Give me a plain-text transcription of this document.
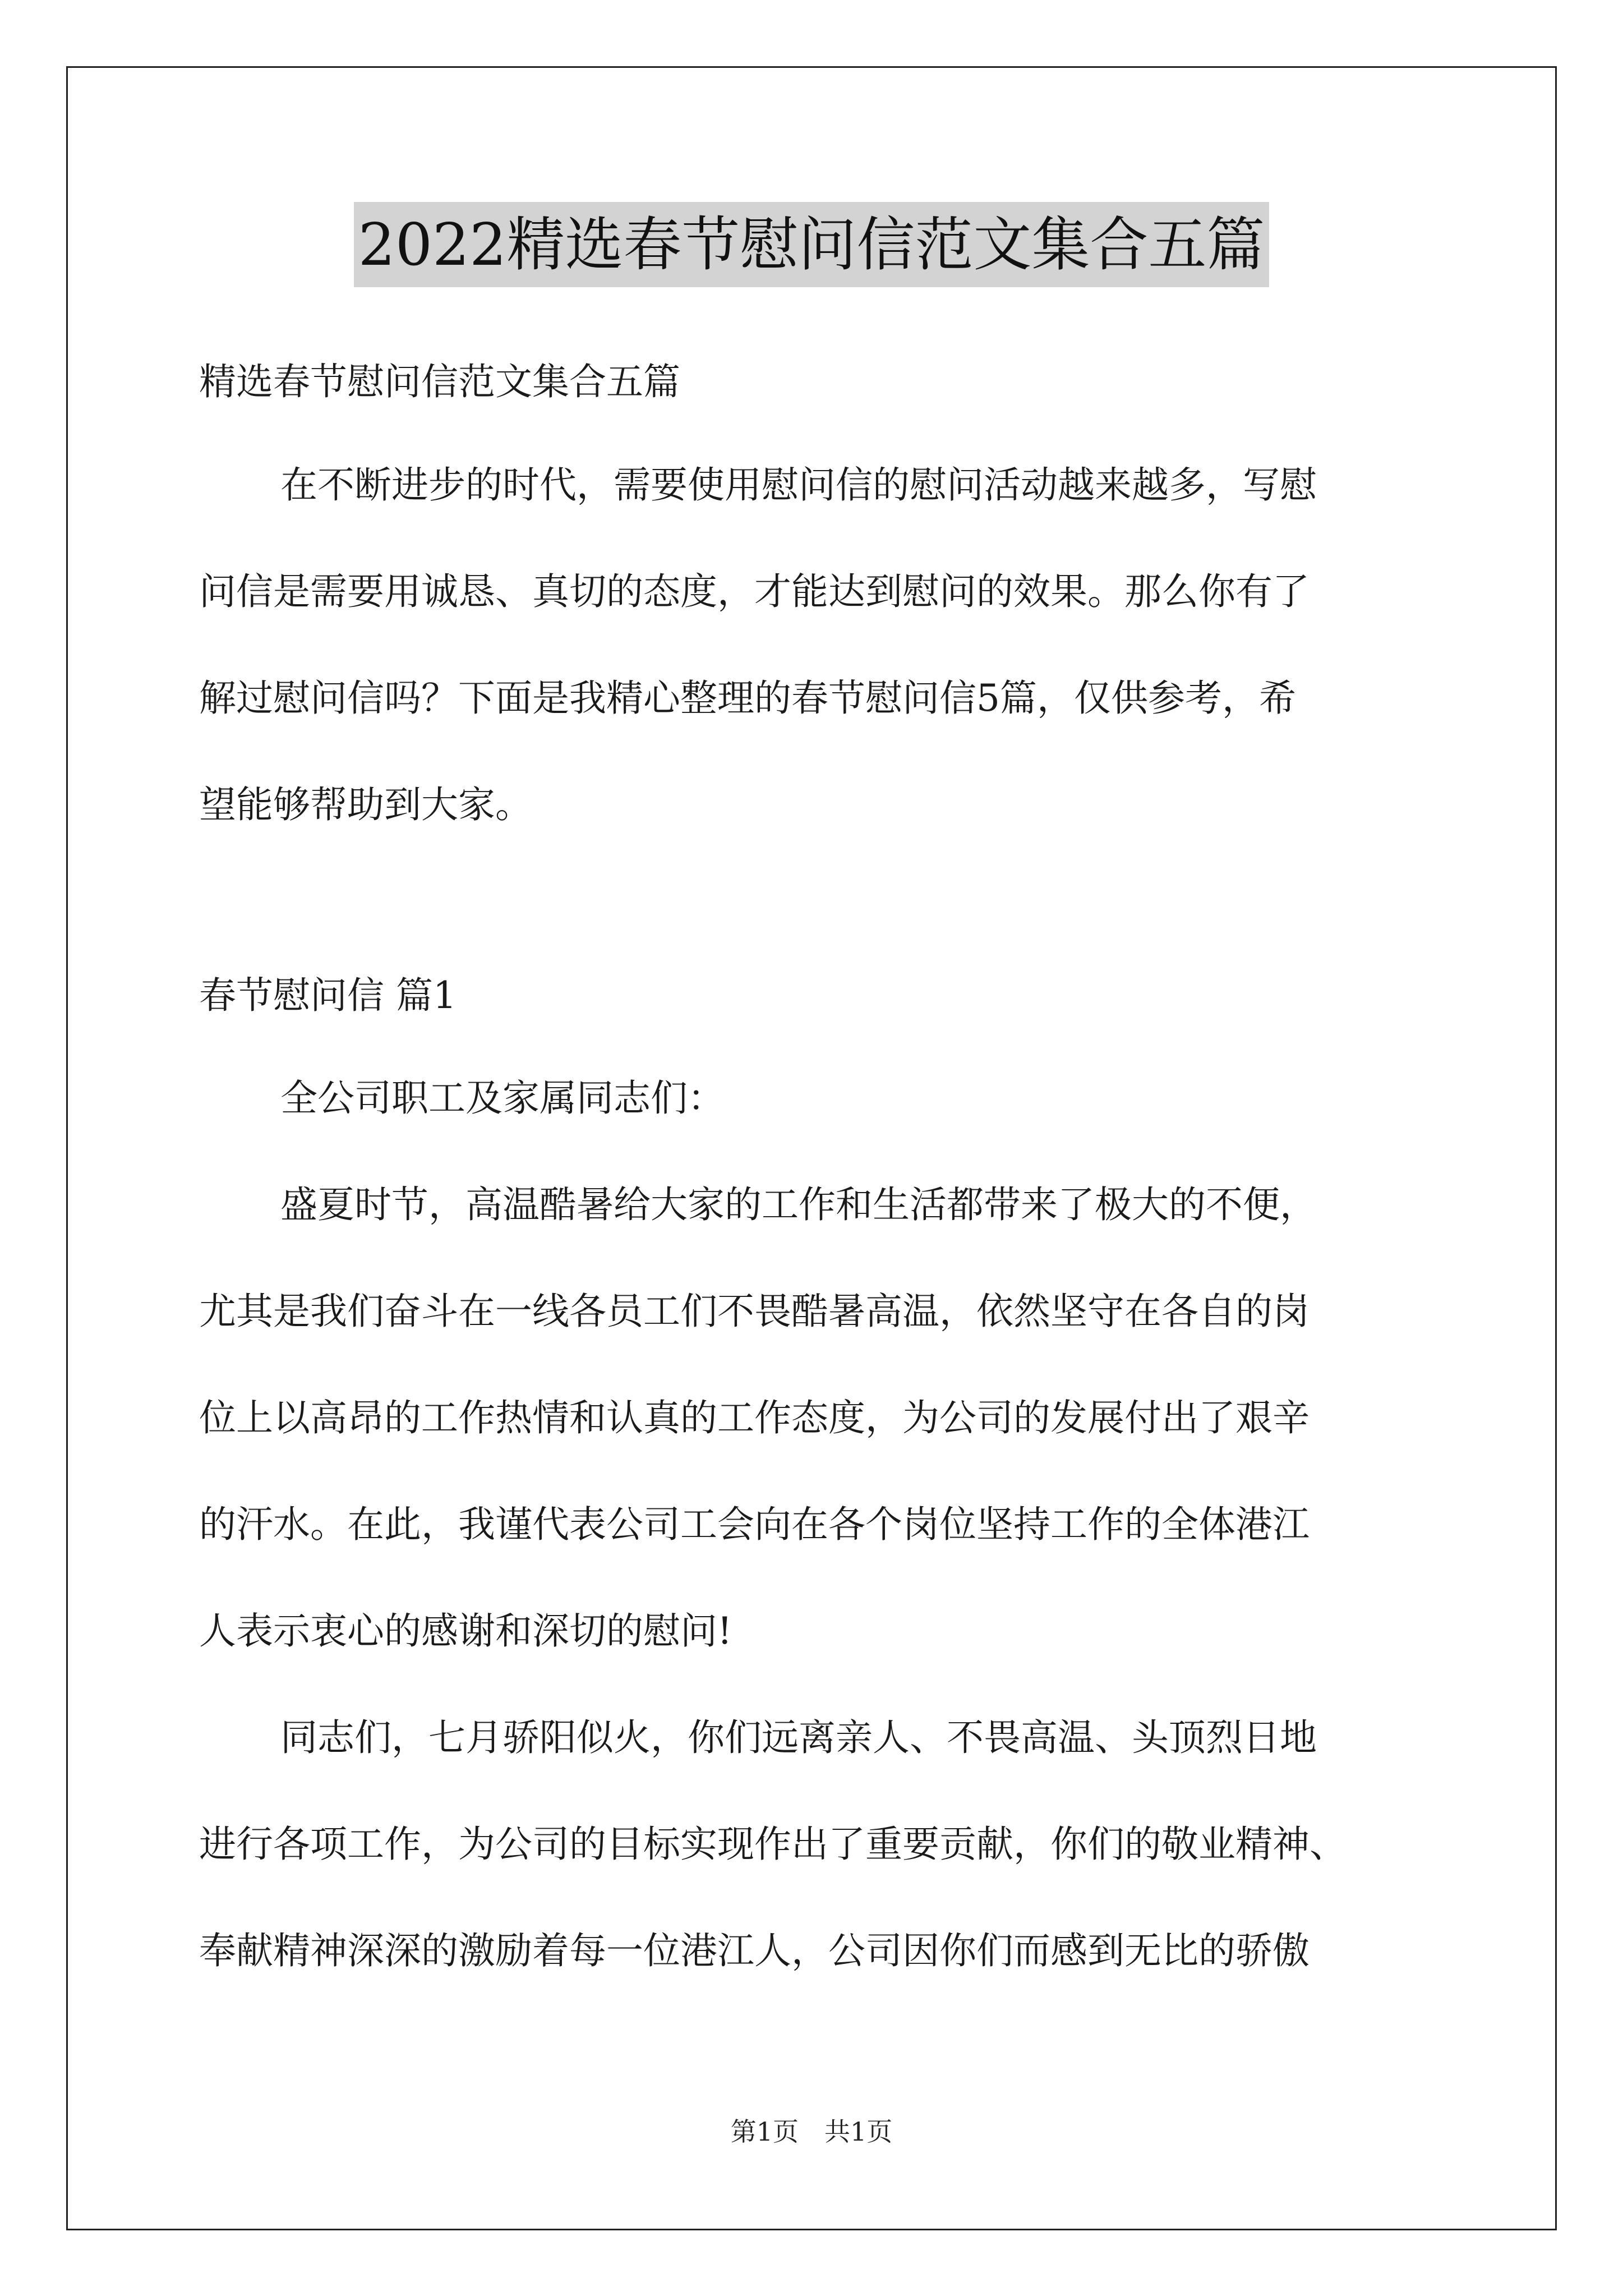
2022精选春节慰问信范文集合五篇
精选春节慰问信范文集合五篇
在不断进步的时代，需要使用慰问信的慰问活动越来越多，写慰
问信是需要用诚恳、真切的态度，才能达到慰问的效果。那么你有了
解过慰问信吗？下面是我精心整理的春节慰问信5篇，仅供参考，希
望能够帮助到大家。
春节慰问信 篇1
全公司职工及家属同志们：
盛夏时节，高温酷暑给大家的工作和生活都带来了极大的不便，
尤其是我们奋斗在一线各员工们不畏酷暑高温，依然坚守在各自的岗
位上以高昂的工作热情和认真的工作态度，为公司的发展付出了艰辛
的汗水。在此，我谨代表公司工会向在各个岗位坚持工作的全体港江
人表示衷心的感谢和深切的慰问!
同志们，七月骄阳似火，你们远离亲人、不畏高温、头顶烈日地
进行各项工作，为公司的目标实现作出了重要贡献，你们的敬业精神、
奉献精神深深的激励着每一位港江人，公司因你们而感到无比的骄傲
第1页　共1页
